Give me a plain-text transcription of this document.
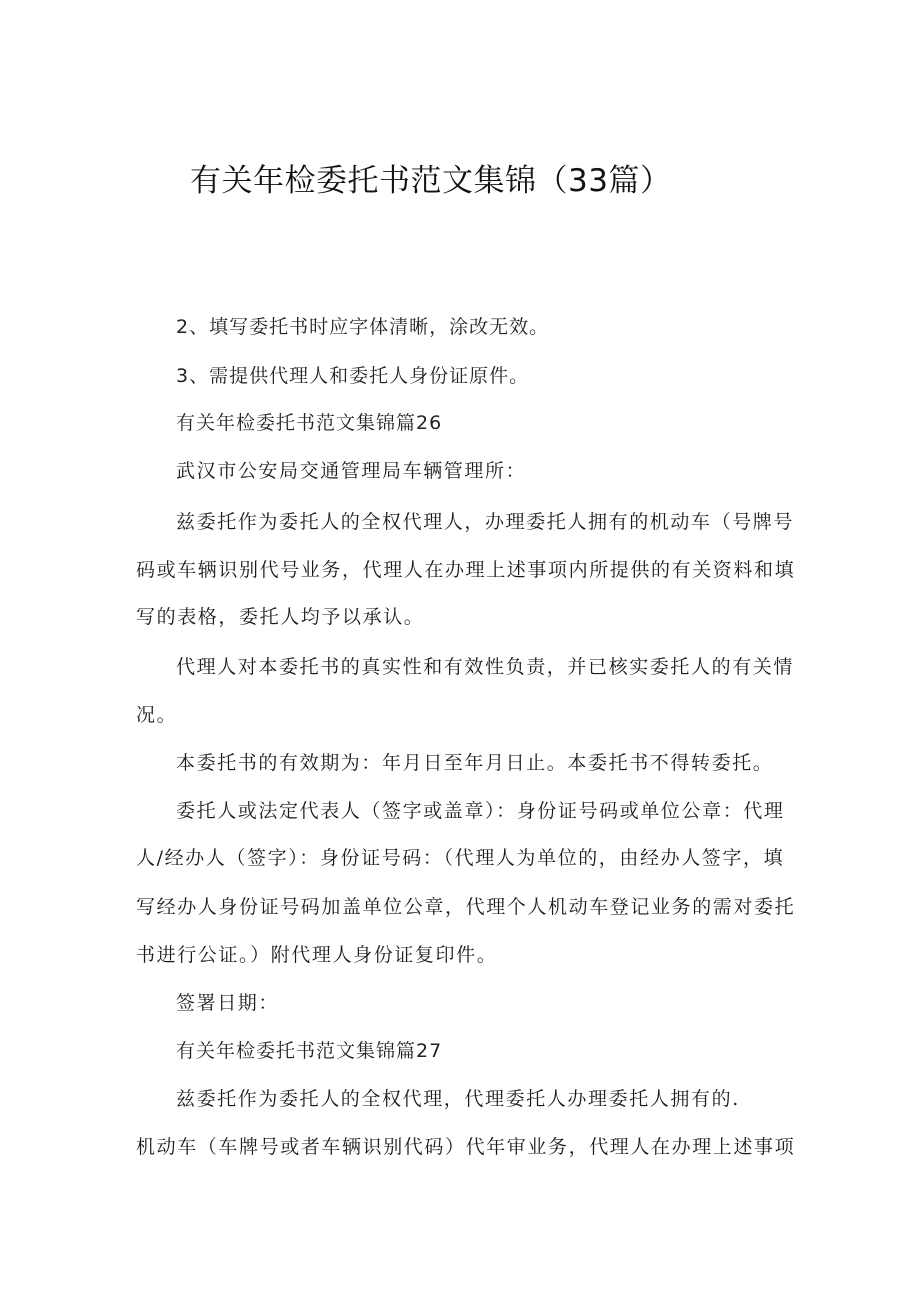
有关年检委托书范文集锦（33篇）
2、填写委托书时应字体清晰，涂改无效。
3、需提供代理人和委托人身份证原件。
有关年检委托书范文集锦篇26
武汉市公安局交通管理局车辆管理所：
兹委托作为委托人的全权代理人，办理委托人拥有的机动车（号牌号
码或车辆识别代号业务，代理人在办理上述事项内所提供的有关资料和填
写的表格，委托人均予以承认。
代理人对本委托书的真实性和有效性负责，并已核实委托人的有关情
况。
本委托书的有效期为：年月日至年月日止。本委托书不得转委托。
委托人或法定代表人（签字或盖章）：身份证号码或单位公章：代理
人/经办人（签字）：身份证号码：（代理人为单位的，由经办人签字，填
写经办人身份证号码加盖单位公章，代理个人机动车登记业务的需对委托
书进行公证。）附代理人身份证复印件。
签署日期：
有关年检委托书范文集锦篇27
兹委托作为委托人的全权代理，代理委托人办理委托人拥有的.
机动车（车牌号或者车辆识别代码）代年审业务，代理人在办理上述事项
